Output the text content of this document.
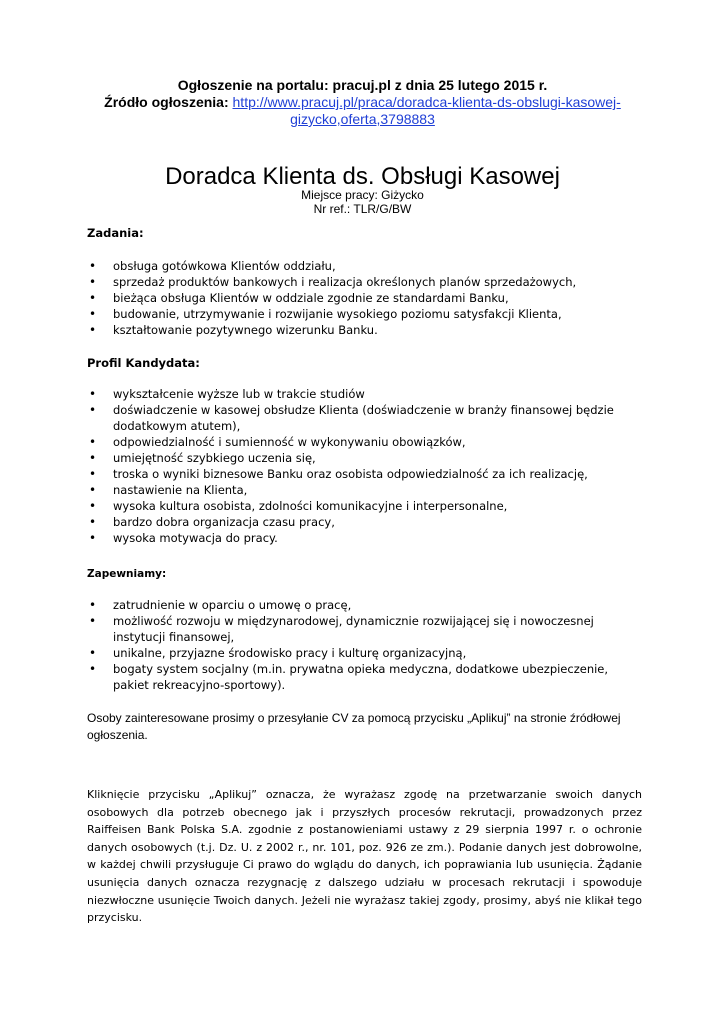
Ogłoszenie na portalu: pracuj.pl z dnia 25 lutego 2015 r.
Źródło ogłoszenia: http://www.pracuj.pl/praca/doradca-klienta-ds-obslugi-kasowej-
gizycko,oferta,3798883
Doradca Klienta ds. Obsługi Kasowej
Miejsce pracy: Giżycko
Nr ref.: TLR/G/BW
Zadania:
• obsługa gotówkowa Klientów oddziału,
• sprzedaż produktów bankowych i realizacja określonych planów sprzedażowych,
• bieżąca obsługa Klientów w oddziale zgodnie ze standardami Banku,
• budowanie, utrzymywanie i rozwijanie wysokiego poziomu satysfakcji Klienta,
• kształtowanie pozytywnego wizerunku Banku.
Profil Kandydata:
• wykształcenie wyższe lub w trakcie studiów
• doświadczenie w kasowej obsłudze Klienta (doświadczenie w branży finansowej będzie dodatkowym atutem),
• odpowiedzialność i sumienność w wykonywaniu obowiązków,
• umiejętność szybkiego uczenia się,
• troska o wyniki biznesowe Banku oraz osobista odpowiedzialność za ich realizację,
• nastawienie na Klienta,
• wysoka kultura osobista, zdolności komunikacyjne i interpersonalne,
• bardzo dobra organizacja czasu pracy,
• wysoka motywacja do pracy.
Zapewniamy:
• zatrudnienie w oparciu o umowę o pracę,
• możliwość rozwoju w międzynarodowej, dynamicznie rozwijającej się i nowoczesnej instytucji finansowej,
• unikalne, przyjazne środowisko pracy i kulturę organizacyjną,
• bogaty system socjalny (m.in. prywatna opieka medyczna, dodatkowe ubezpieczenie, pakiet rekreacyjno-sportowy).
Osoby zainteresowane prosimy o przesyłanie CV za pomocą przycisku „Aplikuj” na stronie źródłowej ogłoszenia.
Kliknięcie przycisku „Aplikuj” oznacza, że wyrażasz zgodę na przetwarzanie swoich danych osobowych dla potrzeb obecnego jak i przyszłych procesów rekrutacji, prowadzonych przez Raiffeisen Bank Polska S.A. zgodnie z postanowieniami ustawy z 29 sierpnia 1997 r. o ochronie danych osobowych (t.j. Dz. U. z 2002 r., nr. 101, poz. 926 ze zm.). Podanie danych jest dobrowolne, w każdej chwili przysługuje Ci prawo do wglądu do danych, ich poprawiania lub usunięcia. Żądanie usunięcia danych oznacza rezygnację z dalszego udziału w procesach rekrutacji i spowoduje niezwłoczne usunięcie Twoich danych. Jeżeli nie wyrażasz takiej zgody, prosimy, abyś nie klikał tego przycisku.
